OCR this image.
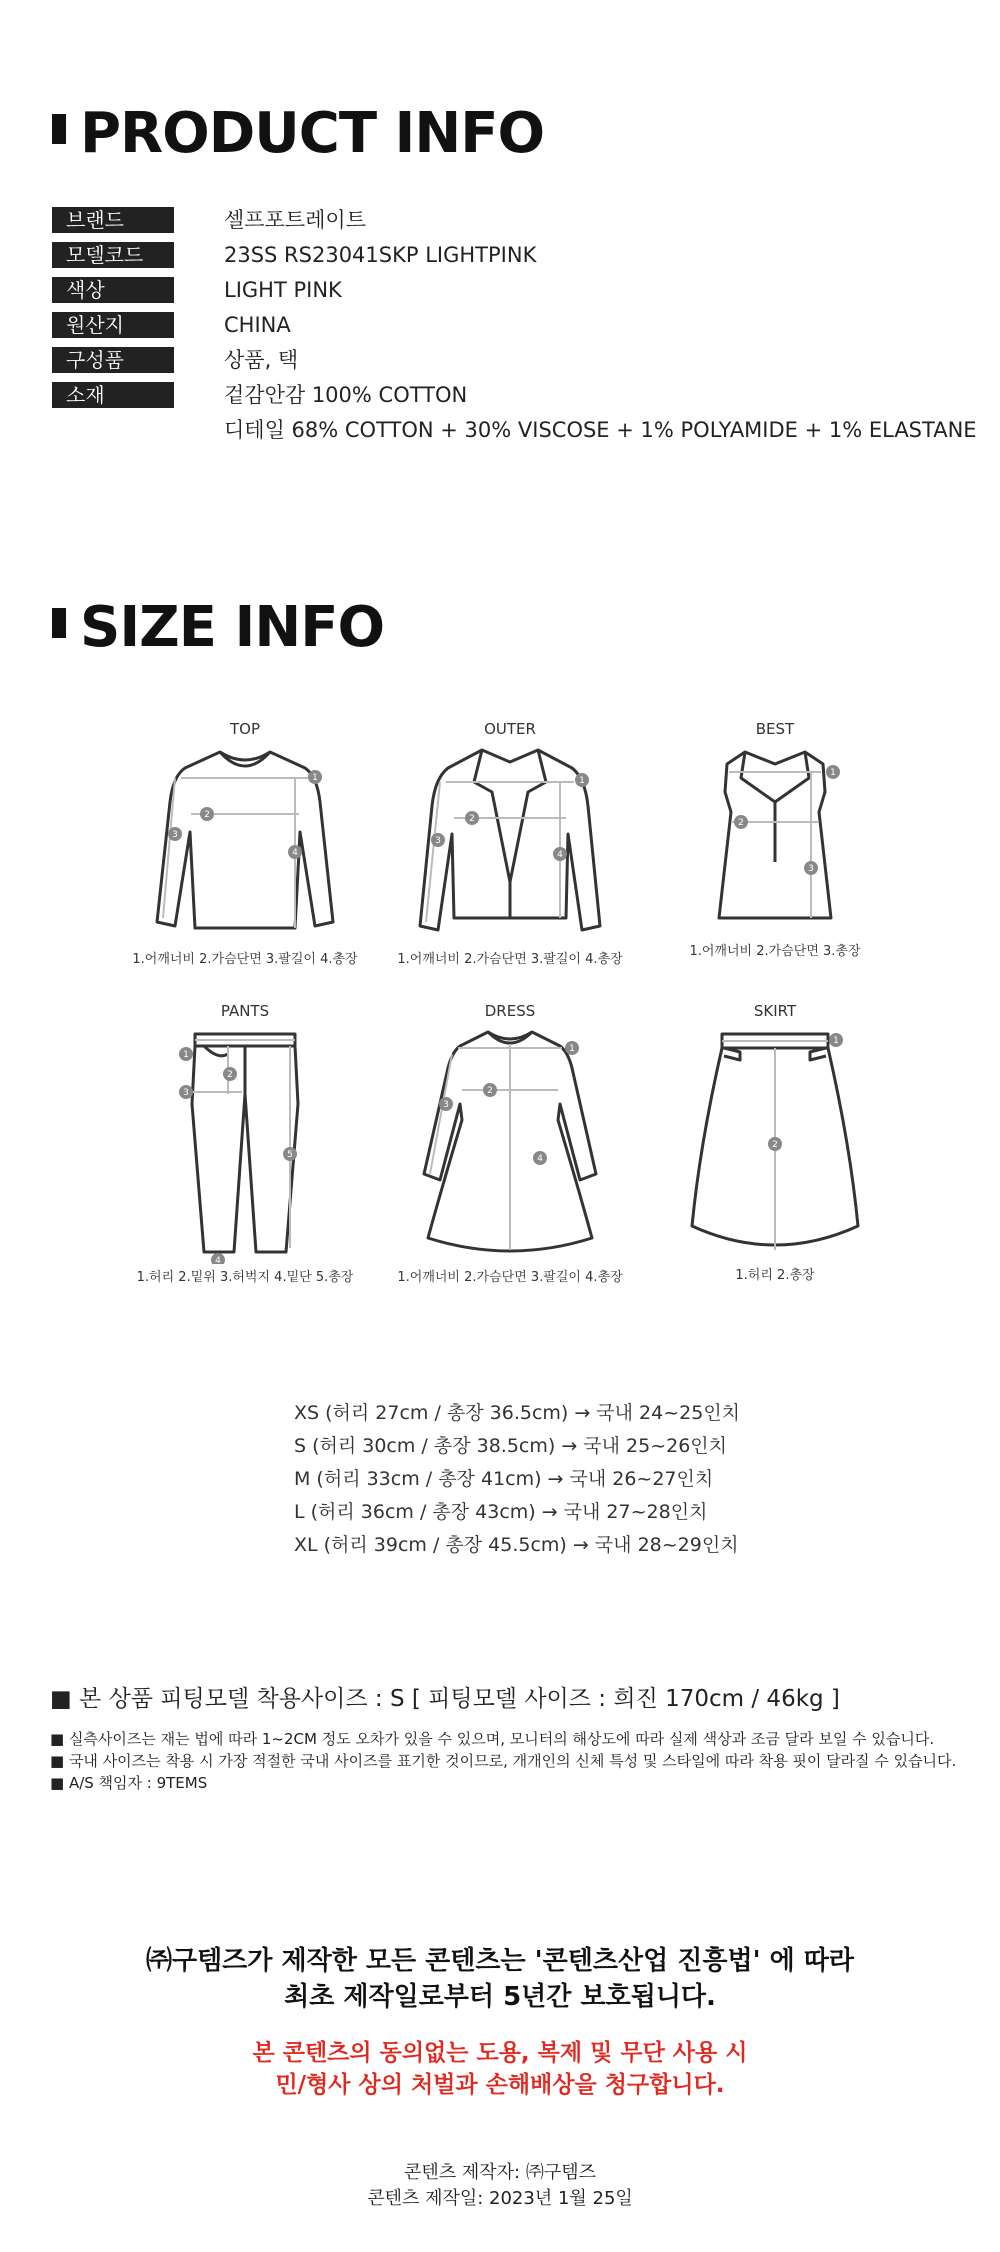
PRODUCT INFO
브랜드	셀프포트레이트
모델코드	23SS RS23041SKP LIGHTPINK
색상	LIGHT PINK
원산지	CHINA
구성품	상품, 택
소재	겉감안감 100% COTTON
디테일 68% COTTON + 30% VISCOSE + 1% POLYAMIDE + 1% ELASTANE
SIZE INFO
TOP
1
2
3
4
1.어깨너비 2.가슴단면 3.팔길이 4.총장
OUTER
1
2
3
4
1.어깨너비 2.가슴단면 3.팔길이 4.총장
BEST
1
2
3
1.어깨너비 2.가슴단면 3.총장
PANTS
1
2
3
4
5
1.허리 2.밑위 3.허벅지 4.밑단 5.총장
DRESS
1
2
3
4
1.어깨너비 2.가슴단면 3.팔길이 4.총장
SKIRT
1
2
1.허리 2.총장
XS (허리 27cm / 총장 36.5cm) → 국내 24~25인치
S (허리 30cm / 총장 38.5cm) → 국내 25~26인치
M (허리 33cm / 총장 41cm) → 국내 26~27인치
L (허리 36cm / 총장 43cm) → 국내 27~28인치
XL (허리 39cm / 총장 45.5cm) → 국내 28~29인치
■ 본 상품 피팅모델 착용사이즈 : S [ 피팅모델 사이즈 : 희진 170cm / 46kg ]
■ 실측사이즈는 재는 법에 따라 1~2CM 정도 오차가 있을 수 있으며, 모니터의 해상도에 따라 실제 색상과 조금 달라 보일 수 있습니다.
■ 국내 사이즈는 착용 시 가장 적절한 국내 사이즈를 표기한 것이므로, 개개인의 신체 특성 및 스타일에 따라 착용 핏이 달라질 수 있습니다.
■ A/S 책임자 : 9TEMS
㈜구템즈가 제작한 모든 콘텐츠는 '콘텐츠산업 진흥법' 에 따라
최초 제작일로부터 5년간 보호됩니다.
본 콘텐츠의 동의없는 도용, 복제 및 무단 사용 시
민/형사 상의 처벌과 손해배상을 청구합니다.
콘텐츠 제작자: ㈜구템즈
콘텐츠 제작일: 2023년 1월 25일
